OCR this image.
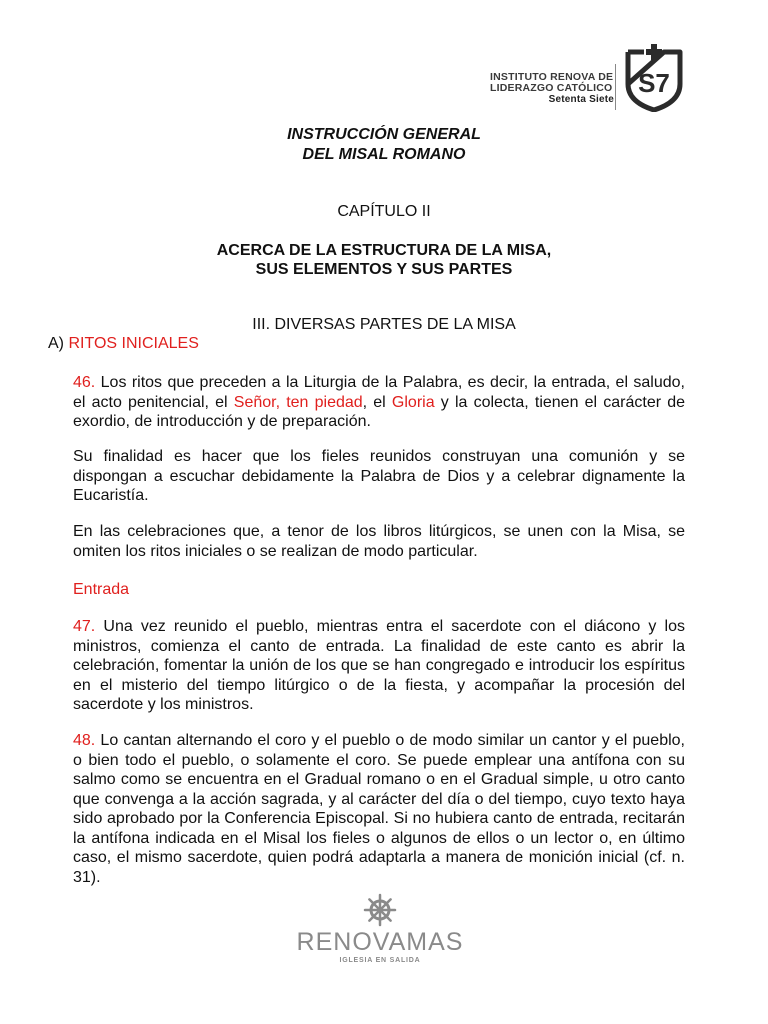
INSTITUTO RENOVA DE
LIDERAZGO CATÓLICO
Setenta Siete
S7
INSTRUCCIÓN GENERAL
DEL MISAL ROMANO
CAPÍTULO II
ACERCA DE LA ESTRUCTURA DE LA MISA,
SUS ELEMENTOS Y SUS PARTES
III. DIVERSAS PARTES DE LA MISA
A) RITOS INICIALES

46. Los ritos que preceden a la Liturgia de la Palabra, es decir, la entrada, el saludo, el acto penitencial, el Señor, ten piedad, el Gloria y la colecta, tienen el carácter de exordio, de introducción y de preparación.

Su finalidad es hacer que los fieles reunidos construyan una comunión y se dispongan a escuchar debidamente la Palabra de Dios y a celebrar dignamente la Eucaristía.

En las celebraciones que, a tenor de los libros litúrgicos, se unen con la Misa, se omiten los ritos iniciales o se realizan de modo particular.

Entrada

47. Una vez reunido el pueblo, mientras entra el sacerdote con el diácono y los ministros, comienza el canto de entrada. La finalidad de este canto es abrir la celebración, fomentar la unión de los que se han congregado e introducir los espíritus en el misterio del tiempo litúrgico o de la fiesta, y acompañar la procesión del sacerdote y los ministros.

48. Lo cantan alternando el coro y el pueblo o de modo similar un cantor y el pueblo, o bien todo el pueblo, o solamente el coro. Se puede emplear una antífona con su salmo como se encuentra en el Gradual romano o en el Gradual simple, u otro canto que convenga a la acción sagrada, y al carácter del día o del tiempo, cuyo texto haya sido aprobado por la Conferencia Episcopal. Si no hubiera canto de entrada, recitarán la antífona indicada en el Misal los fieles o algunos de ellos o un lector o, en último caso, el mismo sacerdote, quien podrá adaptarla a manera de monición inicial (cf. n. 31).

RENOVAMAS
IGLESIA EN SALIDA
